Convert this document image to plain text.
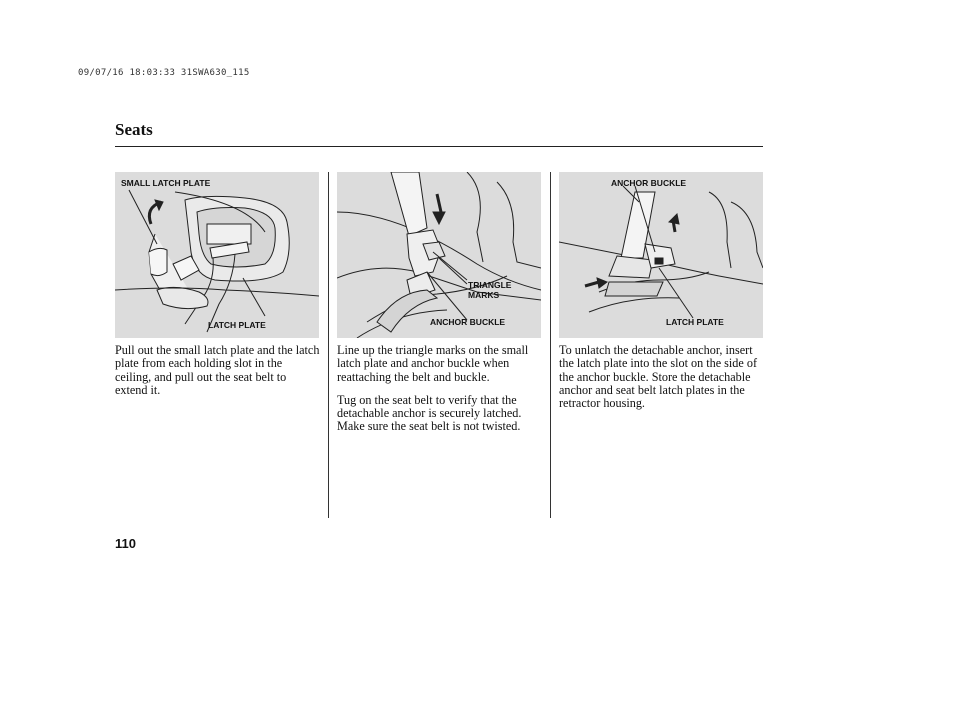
09/07/16 18:03:33 31SWA630_115
Seats
SMALL LATCH PLATE
LATCH PLATE
TRIANGLE MARKS
ANCHOR BUCKLE
ANCHOR BUCKLE
LATCH PLATE

Pull out the small latch plate and the latch plate from each holding slot in the ceiling, and pull out the seat belt to extend it.

Line up the triangle marks on the small latch plate and anchor buckle when reattaching the belt and buckle.

Tug on the seat belt to verify that the detachable anchor is securely latched. Make sure the seat belt is not twisted.

To unlatch the detachable anchor, insert the latch plate into the slot on the side of the anchor buckle. Store the detachable anchor and seat belt latch plates in the retractor housing.

110
